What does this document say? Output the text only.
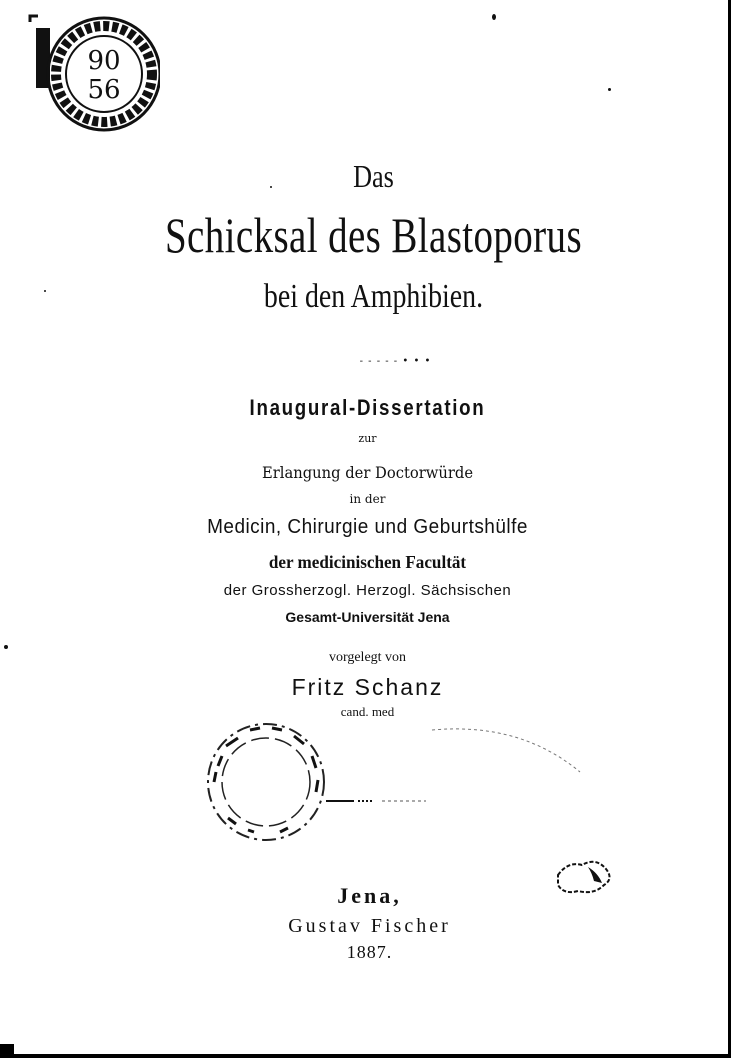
90
56
Das
Schicksal des Blastoporus
bei den Amphibien.
- - - - - • • •
Inaugural-Dissertation
zur
Erlangung der Doctorwürde
in der
Medicin, Chirurgie und Geburtshülfe
der medicinischen Facultät
der Grossherzogl. Herzogl. Sächsischen
Gesamt-Universität Jena
vorgelegt von
Fritz Schanz
cand. med
Jena,
Gustav Fischer
1887.
